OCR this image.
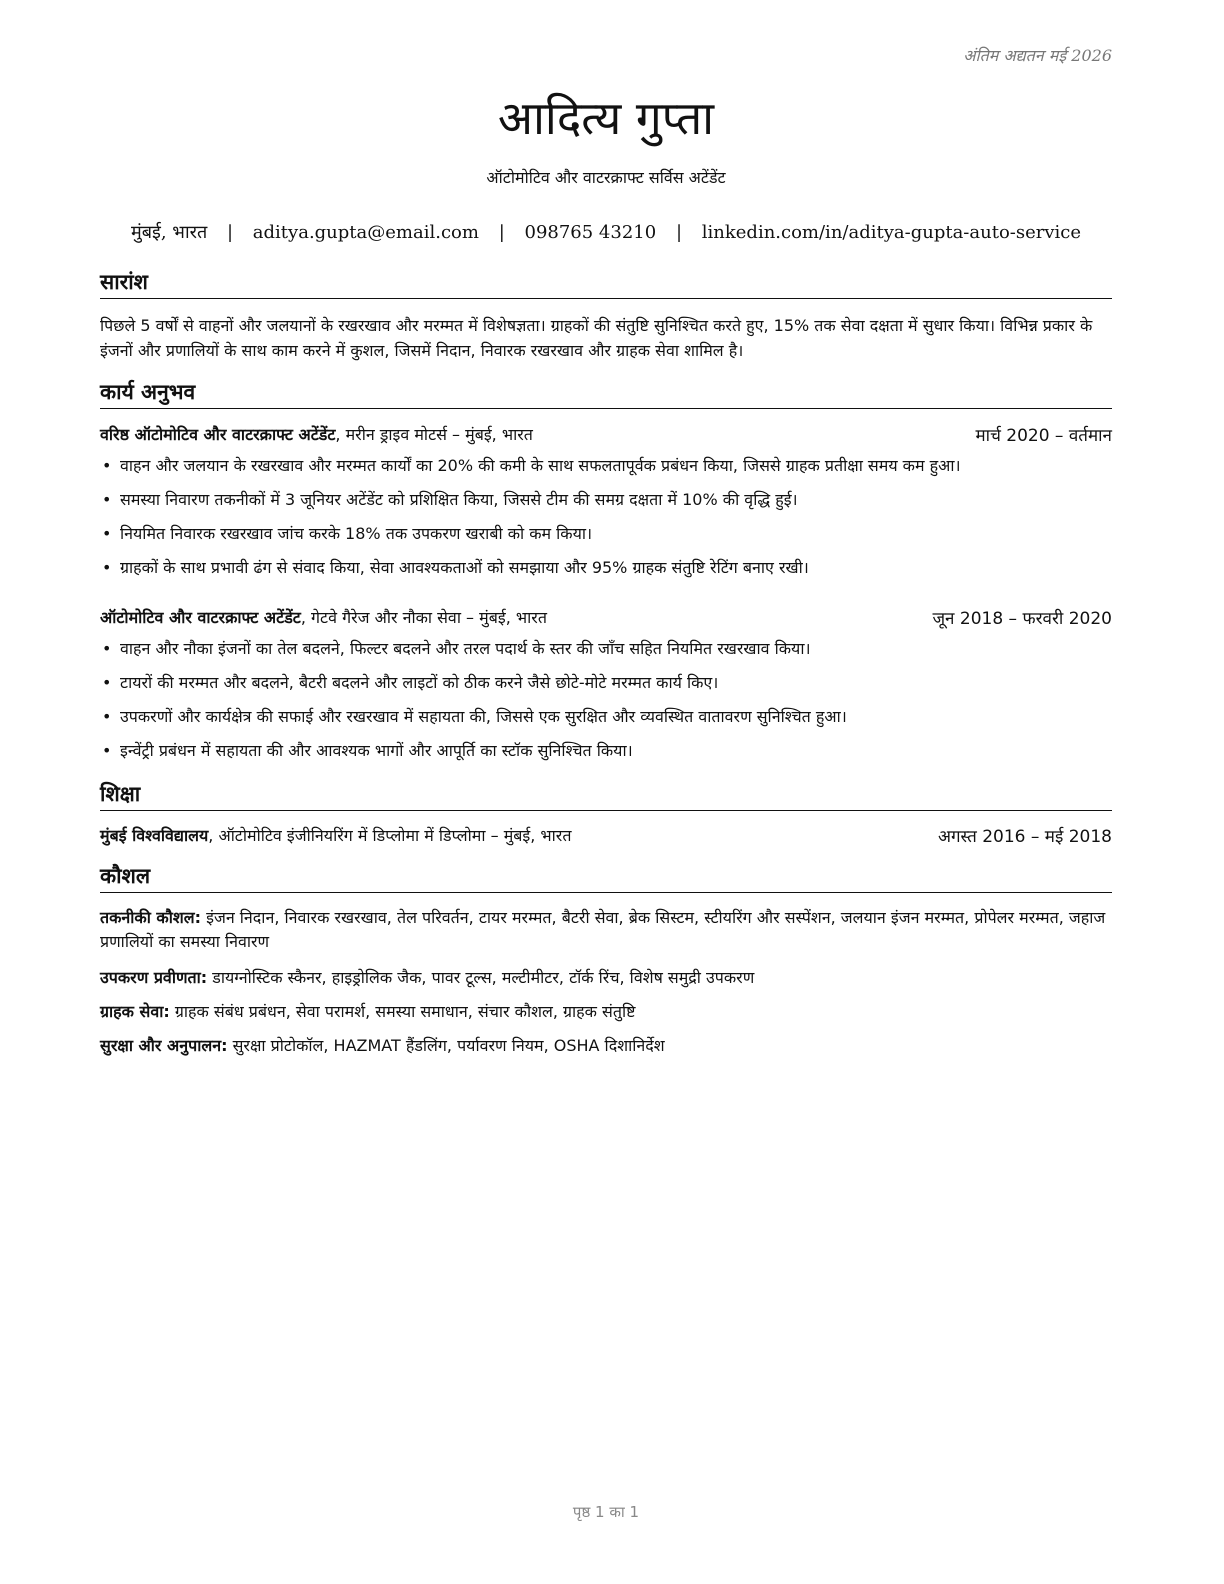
अंतिम अद्यतन मई 2026
आदित्य गुप्ता
ऑटोमोटिव और वाटरक्राफ्ट सर्विस अटेंडेंट
मुंबई, भारत | aditya.gupta@email.com | 098765 43210 | linkedin.com/in/aditya-gupta-auto-service
सारांश
पिछले 5 वर्षों से वाहनों और जलयानों के रखरखाव और मरम्मत में विशेषज्ञता। ग्राहकों की संतुष्टि सुनिश्चित करते हुए, 15% तक सेवा दक्षता में सुधार किया। विभिन्न प्रकार के इंजनों और प्रणालियों के साथ काम करने में कुशल, जिसमें निदान, निवारक रखरखाव और ग्राहक सेवा शामिल है।
कार्य अनुभव
वरिष्ठ ऑटोमोटिव और वाटरक्राफ्ट अटेंडेंट, मरीन ड्राइव मोटर्स – मुंबई, भारत	मार्च 2020 – वर्तमान
• वाहन और जलयान के रखरखाव और मरम्मत कार्यों का 20% की कमी के साथ सफलतापूर्वक प्रबंधन किया, जिससे ग्राहक प्रतीक्षा समय कम हुआ।
• समस्या निवारण तकनीकों में 3 जूनियर अटेंडेंट को प्रशिक्षित किया, जिससे टीम की समग्र दक्षता में 10% की वृद्धि हुई।
• नियमित निवारक रखरखाव जांच करके 18% तक उपकरण खराबी को कम किया।
• ग्राहकों के साथ प्रभावी ढंग से संवाद किया, सेवा आवश्यकताओं को समझाया और 95% ग्राहक संतुष्टि रेटिंग बनाए रखी।
ऑटोमोटिव और वाटरक्राफ्ट अटेंडेंट, गेटवे गैरेज और नौका सेवा – मुंबई, भारत	जून 2018 – फरवरी 2020
• वाहन और नौका इंजनों का तेल बदलने, फिल्टर बदलने और तरल पदार्थ के स्तर की जाँच सहित नियमित रखरखाव किया।
• टायरों की मरम्मत और बदलने, बैटरी बदलने और लाइटों को ठीक करने जैसे छोटे-मोटे मरम्मत कार्य किए।
• उपकरणों और कार्यक्षेत्र की सफाई और रखरखाव में सहायता की, जिससे एक सुरक्षित और व्यवस्थित वातावरण सुनिश्चित हुआ।
• इन्वेंट्री प्रबंधन में सहायता की और आवश्यक भागों और आपूर्ति का स्टॉक सुनिश्चित किया।
शिक्षा
मुंबई विश्वविद्यालय, ऑटोमोटिव इंजीनियरिंग में डिप्लोमा में डिप्लोमा – मुंबई, भारत	अगस्त 2016 – मई 2018
कौशल
तकनीकी कौशल: इंजन निदान, निवारक रखरखाव, तेल परिवर्तन, टायर मरम्मत, बैटरी सेवा, ब्रेक सिस्टम, स्टीयरिंग और सस्पेंशन, जलयान इंजन मरम्मत, प्रोपेलर मरम्मत, जहाज प्रणालियों का समस्या निवारण
उपकरण प्रवीणता: डायग्नोस्टिक स्कैनर, हाइड्रोलिक जैक, पावर टूल्स, मल्टीमीटर, टॉर्क रिंच, विशेष समुद्री उपकरण
ग्राहक सेवा: ग्राहक संबंध प्रबंधन, सेवा परामर्श, समस्या समाधान, संचार कौशल, ग्राहक संतुष्टि
सुरक्षा और अनुपालन: सुरक्षा प्रोटोकॉल, HAZMAT हैंडलिंग, पर्यावरण नियम, OSHA दिशानिर्देश
पृष्ठ 1 का 1
